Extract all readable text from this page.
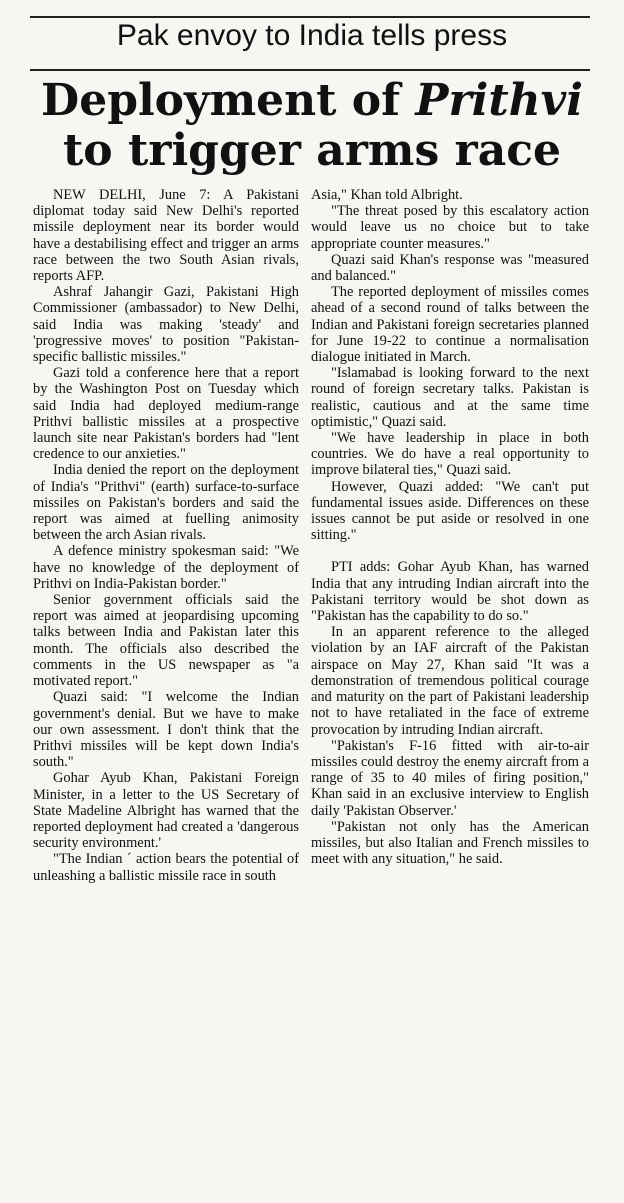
Pak envoy to India tells press
Deployment of Prithvi
to trigger arms race

NEW DELHI, June 7: A Pakistani diplomat today said New Delhi's reported missile deployment near its border would have a destabilising effect and trigger an arms race between the two South Asian rivals, reports AFP.

Ashraf Jahangir Gazi, Pakistani High Commissioner (ambassador) to New Delhi, said India was making 'steady' and 'progressive moves' to position "Pakistan-specific ballistic missiles."

Gazi told a conference here that a report by the Washington Post on Tuesday which said India had deployed medium-range Prithvi ballistic missiles at a prospective launch site near Pakistan's borders had "lent credence to our anxieties."

India denied the report on the deployment of India's "Prithvi" (earth) surface-to-surface missiles on Pakistan's borders and said the report was aimed at fuelling animosity between the arch Asian rivals.

A defence ministry spokesman said: "We have no knowledge of the deployment of Prithvi on India-Pakistan border."

Senior government officials said the report was aimed at jeopardising upcoming talks between India and Pakistan later this month. The officials also described the comments in the US newspaper as "a motivated report."

Quazi said: "I welcome the Indian government's denial. But we have to make our own assessment. I don't think that the Prithvi missiles will be kept down India's south."

Gohar Ayub Khan, Pakistani Foreign Minister, in a letter to the US Secretary of State Madeline Albright has warned that the reported deployment had created a 'dangerous security environment.'

"The Indian ´ action bears the potential of unleashing a ballistic missile race in south

Asia," Khan told Albright.

"The threat posed by this escalatory action would leave us no choice but to take appropriate counter measures."

Quazi said Khan's response was "measured and balanced."

The reported deployment of missiles comes ahead of a second round of talks between the Indian and Pakistani foreign secretaries planned for June 19-22 to continue a normalisation dialogue initiated in March.

"Islamabad is looking forward to the next round of foreign secretary talks. Pakistan is realistic, cautious and at the same time optimistic," Quazi said.

"We have leadership in place in both countries. We do have a real opportunity to improve bilateral ties," Quazi said.

However, Quazi added: "We can't put fundamental issues aside. Differences on these issues cannot be put aside or resolved in one sitting."

PTI adds: Gohar Ayub Khan, has warned India that any intruding Indian aircraft into the Pakistani territory would be shot down as "Pakistan has the capability to do so."

In an apparent reference to the alleged violation by an IAF aircraft of the Pakistan airspace on May 27, Khan said "It was a demonstration of tremendous political courage and maturity on the part of Pakistani leadership not to have retaliated in the face of extreme provocation by intruding Indian aircraft.

"Pakistan's F-16 fitted with air-to-air missiles could destroy the enemy aircraft from a range of 35 to 40 miles of firing position," Khan said in an exclusive interview to English daily 'Pakistan Observer.'

"Pakistan not only has the American missiles, but also Italian and French missiles to meet with any situation," he said.
